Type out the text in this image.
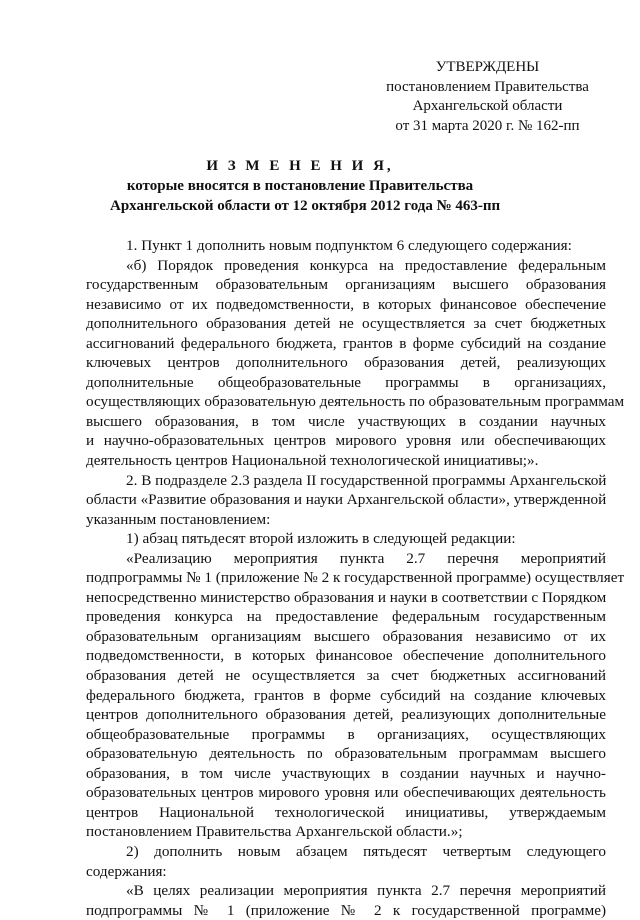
УТВЕРЖДЕНЫ
постановлением Правительства
Архангельской области
от 31 марта 2020 г. № 162-пп
И З М Е Н Е Н И Я,
которые вносятся в постановление Правительства
Архангельской области от 12 октября 2012 года № 463-пп
1. Пункт 1 дополнить новым подпунктом 6 следующего содержания:
«б) Порядок проведения конкурса на предоставление федеральным
государственным образовательным организациям высшего образования
независимо от их подведомственности, в которых финансовое обеспечение
дополнительного образования детей не осуществляется за счет бюджетных
ассигнований федерального бюджета, грантов в форме субсидий на создание
ключевых центров дополнительного образования детей, реализующих
дополнительные общеобразовательные программы в организациях,
осуществляющих образовательную деятельность по образовательным программам
высшего образования, в том числе участвующих в создании научных
и научно-образовательных центров мирового уровня или обеспечивающих
деятельность центров Национальной технологической инициативы;».
2. В подразделе 2.3 раздела II государственной программы Архангельской
области «Развитие образования и науки Архангельской области», утвержденной
указанным постановлением:
1) абзац пятьдесят второй изложить в следующей редакции:
«Реализацию мероприятия пункта 2.7 перечня мероприятий
подпрограммы № 1 (приложение № 2 к государственной программе) осуществляет
непосредственно министерство образования и науки в соответствии с Порядком
проведения конкурса на предоставление федеральным государственным
образовательным организациям высшего образования независимо от их
подведомственности, в которых финансовое обеспечение дополнительного
образования детей не осуществляется за счет бюджетных ассигнований
федерального бюджета, грантов в форме субсидий на создание ключевых
центров дополнительного образования детей, реализующих дополнительные
общеобразовательные программы в организациях, осуществляющих
образовательную деятельность по образовательным программам высшего
образования, в том числе участвующих в создании научных и научно-
образовательных центров мирового уровня или обеспечивающих деятельность
центров Национальной технологической инициативы, утверждаемым
постановлением Правительства Архангельской области.»;
2) дополнить новым абзацем пятьдесят четвертым следующего
содержания:
«В целях реализации мероприятия пункта 2.7 перечня мероприятий
подпрограммы № 1 (приложение № 2 к государственной программе)
